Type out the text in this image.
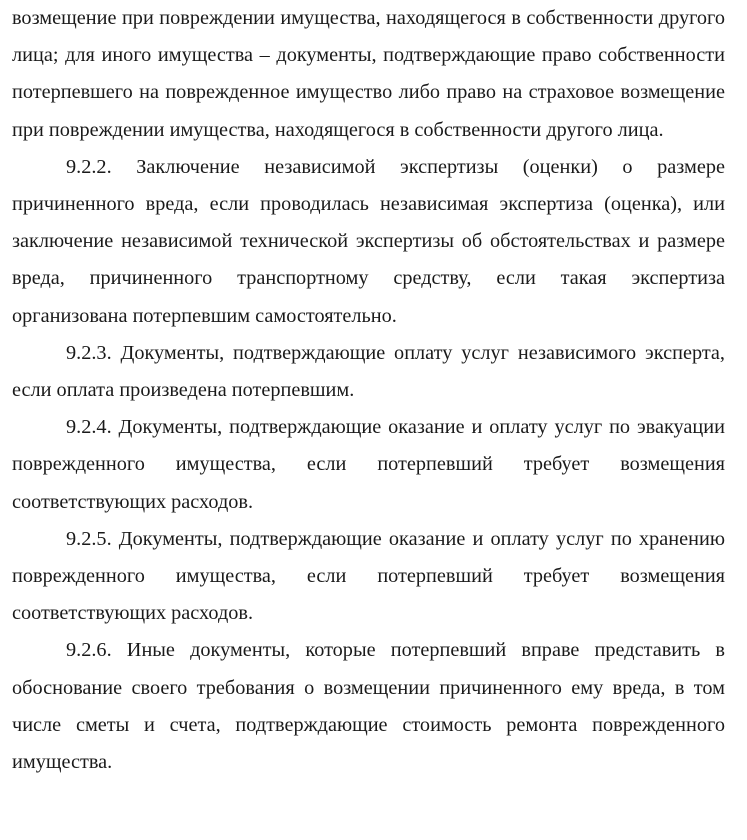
возмещение при повреждении имущества, находящегося в собственности другого лица; для иного имущества – документы, подтверждающие право собственности потерпевшего на поврежденное имущество либо право на страховое возмещение при повреждении имущества, находящегося в собственности другого лица.

9.2.2. Заключение независимой экспертизы (оценки) о размере причиненного вреда, если проводилась независимая экспертиза (оценка), или заключение независимой технической экспертизы об обстоятельствах и размере вреда, причиненного транспортному средству, если такая экспертиза организована потерпевшим самостоятельно.

9.2.3. Документы, подтверждающие оплату услуг независимого эксперта, если оплата произведена потерпевшим.

9.2.4. Документы, подтверждающие оказание и оплату услуг по эвакуации поврежденного имущества, если потерпевший требует возмещения соответствующих расходов.

9.2.5. Документы, подтверждающие оказание и оплату услуг по хранению поврежденного имущества, если потерпевший требует возмещения соответствующих расходов.

9.2.6. Иные документы, которые потерпевший вправе представить в обоснование своего требования о возмещении причиненного ему вреда, в том числе сметы и счета, подтверждающие стоимость ремонта поврежденного имущества.
